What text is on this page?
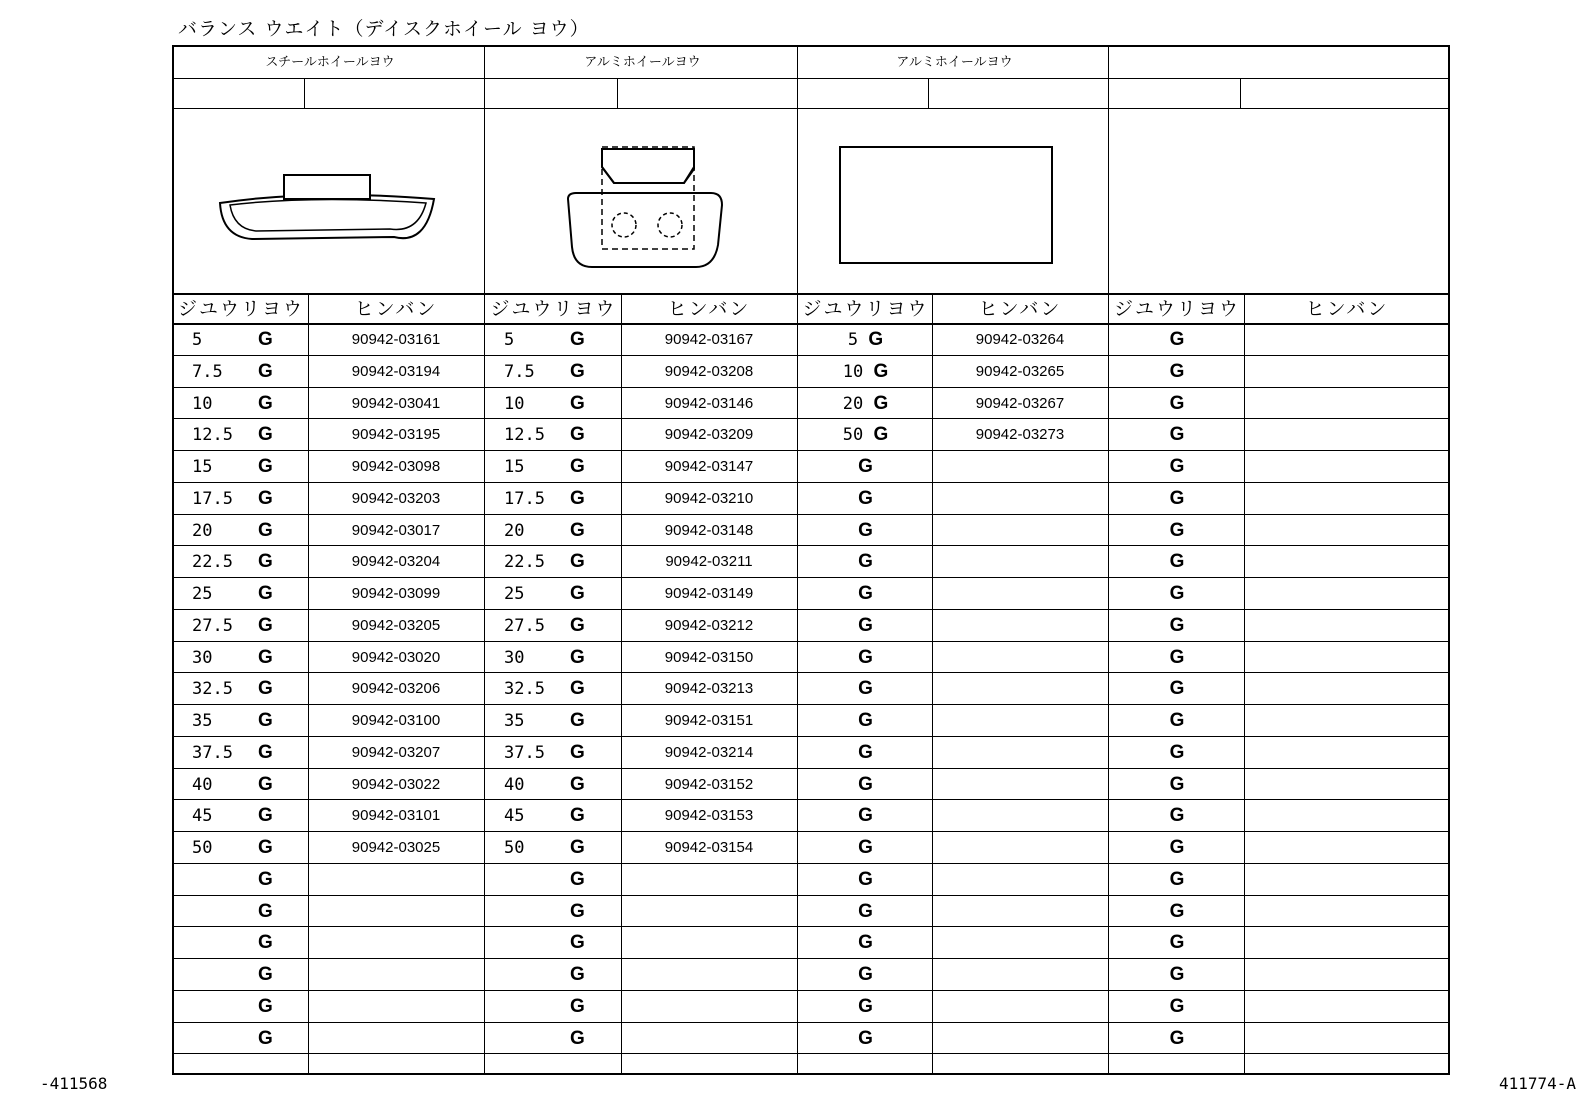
バランス ウエイト（デイスクホイール ヨウ）
スチールホイールヨウ	アルミホイールヨウ	アルミホイールヨウ
ジユウリヨウ	ヒンバン	ジユウリヨウ	ヒンバン	ジユウリヨウ	ヒンバン	ジユウリヨウ	ヒンバン
5	G	90942-03161	5	G	90942-03167	5 G	90942-03264	G
7.5 G	90942-03194	7.5 G	90942-03208	10 G	90942-03265	G
10 G	90942-03041	10 G	90942-03146	20 G	90942-03267	G
12.5 G	90942-03195	12.5 G	90942-03209	50 G	90942-03273	G
15 G	90942-03098	15 G	90942-03147	G	G
17.5 G	90942-03203	17.5 G	90942-03210	G	G
20 G	90942-03017	20 G	90942-03148	G	G
22.5 G	90942-03204	22.5 G	90942-03211	G	G
25 G	90942-03099	25 G	90942-03149	G	G
27.5 G	90942-03205	27.5 G	90942-03212	G	G
30 G	90942-03020	30 G	90942-03150	G	G
32.5 G	90942-03206	32.5 G	90942-03213	G	G
35 G	90942-03100	35 G	90942-03151	G	G
37.5 G	90942-03207	37.5 G	90942-03214	G	G
40 G	90942-03022	40 G	90942-03152	G	G
45 G	90942-03101	45 G	90942-03153	G	G
50 G	90942-03025	50 G	90942-03154	G	G
G	G	G	G
G	G	G	G
G	G	G	G
G	G	G	G
G	G	G	G
G	G	G	G
-411568	411774-A
